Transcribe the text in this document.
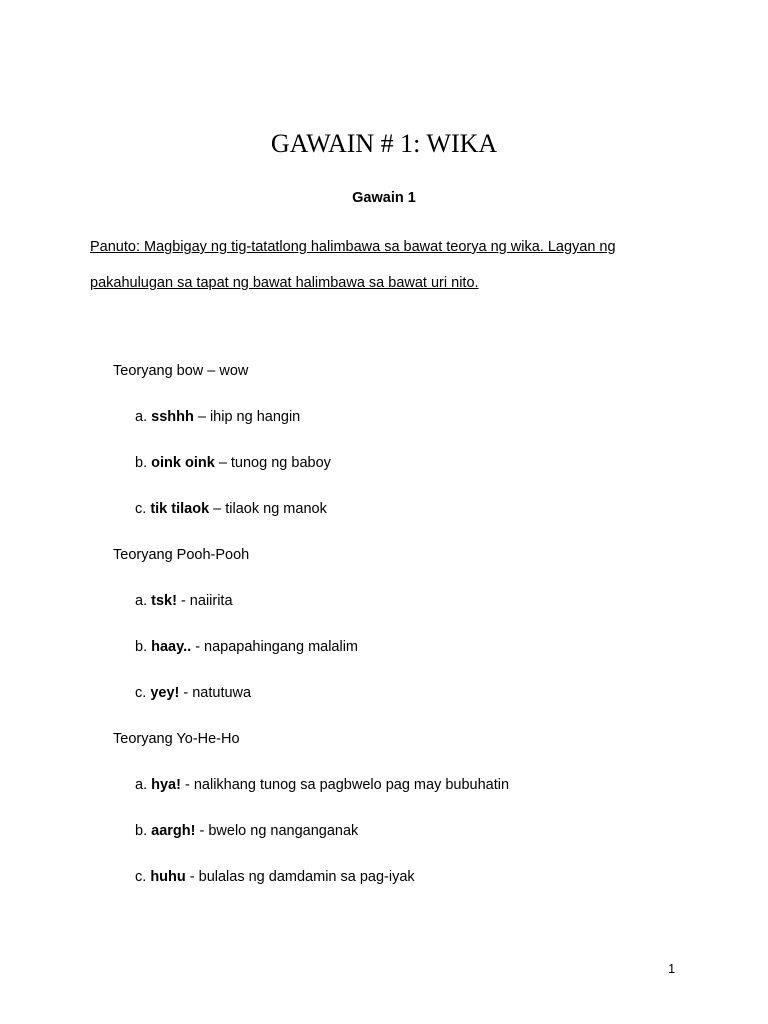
GAWAIN # 1: WIKA
Gawain 1
Panuto: Magbigay ng tig-tatatlong halimbawa sa bawat teorya ng wika. Lagyan ng pakahulugan sa tapat ng bawat halimbawa sa bawat uri nito.
Teoryang bow – wow
a. sshhh – ihip ng hangin
b. oink oink – tunog ng baboy
c. tik tilaok – tilaok ng manok
Teoryang Pooh-Pooh
a. tsk! - naiirita
b. haay.. - napapahingang malalim
c. yey! - natutuwa
Teoryang Yo-He-Ho
a. hya! - nalikhang tunog sa pagbwelo pag may bubuhatin
b. aargh! - bwelo ng nanganganak
c. huhu - bulalas ng damdamin sa pag-iyak
1
